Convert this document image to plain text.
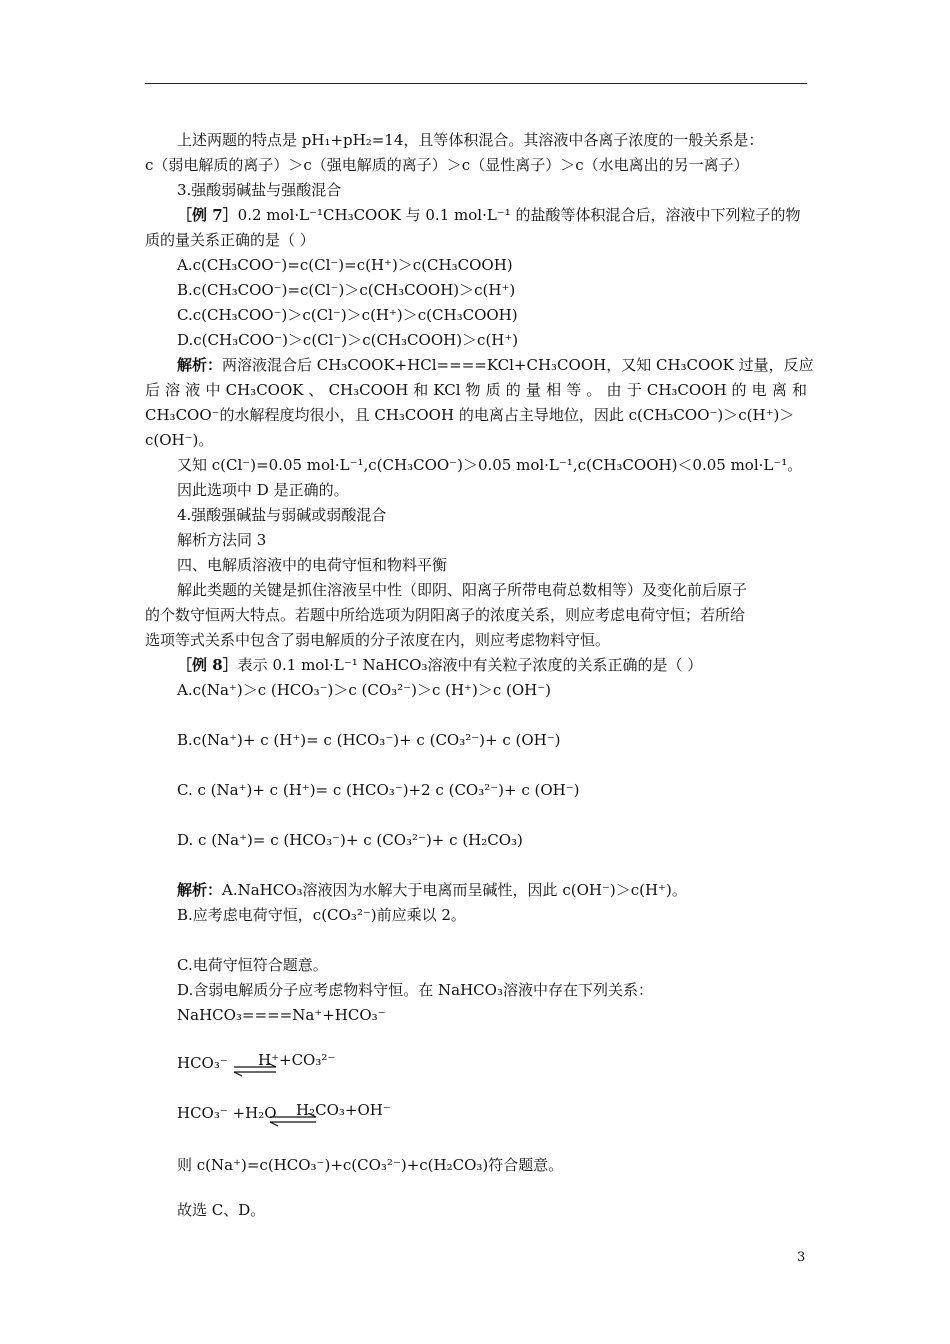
上述两题的特点是 pH₁+pH₂=14，且等体积混合。其溶液中各离子浓度的一般关系是：
c（弱电解质的离子）＞c（强电解质的离子）＞c（显性离子）＞c（水电离出的另一离子）
3.强酸弱碱盐与强酸混合
［例 7］0.2 mol·L⁻¹CH₃COOK 与 0.1 mol·L⁻¹ 的盐酸等体积混合后，溶液中下列粒子的物
质的量关系正确的是（ ）
A.c(CH₃COO⁻)=c(Cl⁻)=c(H⁺)＞c(CH₃COOH)
B.c(CH₃COO⁻)=c(Cl⁻)＞c(CH₃COOH)＞c(H⁺)
C.c(CH₃COO⁻)＞c(Cl⁻)＞c(H⁺)＞c(CH₃COOH)
D.c(CH₃COO⁻)＞c(Cl⁻)＞c(CH₃COOH)＞c(H⁺)
解析：两溶液混合后 CH₃COOK+HCl====KCl+CH₃COOH，又知 CH₃COOK 过量，反应
后 溶 液 中 CH₃COOK 、 CH₃COOH 和 KCl 物 质 的 量 相 等 。 由 于 CH₃COOH 的 电 离 和
CH₃COO⁻的水解程度均很小，且 CH₃COOH 的电离占主导地位，因此 c(CH₃COO⁻)＞c(H⁺)＞
c(OH⁻)。
又知 c(Cl⁻)=0.05 mol·L⁻¹,c(CH₃COO⁻)＞0.05 mol·L⁻¹,c(CH₃COOH)＜0.05 mol·L⁻¹。
因此选项中 D 是正确的。
4.强酸强碱盐与弱碱或弱酸混合
解析方法同 3
四、电解质溶液中的电荷守恒和物料平衡
解此类题的关键是抓住溶液呈中性（即阴、阳离子所带电荷总数相等）及变化前后原子
的个数守恒两大特点。若题中所给选项为阴阳离子的浓度关系，则应考虑电荷守恒；若所给
选项等式关系中包含了弱电解质的分子浓度在内，则应考虑物料守恒。
［例 8］表示 0.1 mol·L⁻¹ NaHCO₃溶液中有关粒子浓度的关系正确的是（ ）
A.c(Na⁺)＞c (HCO₃⁻)＞c (CO₃²⁻)＞c (H⁺)＞c (OH⁻)
B.c(Na⁺)+ c (H⁺)= c (HCO₃⁻)+ c (CO₃²⁻)+ c (OH⁻)
C. c (Na⁺)+ c (H⁺)= c (HCO₃⁻)+2 c (CO₃²⁻)+ c (OH⁻)
D. c (Na⁺)= c (HCO₃⁻)+ c (CO₃²⁻)+ c (H₂CO₃)
解析：A.NaHCO₃溶液因为水解大于电离而呈碱性，因此 c(OH⁻)＞c(H⁺)。
B.应考虑电荷守恒，c(CO₃²⁻)前应乘以 2。
C.电荷守恒符合题意。
D.含弱电解质分子应考虑物料守恒。在 NaHCO₃溶液中存在下列关系：
NaHCO₃====Na⁺+HCO₃⁻
则 c(Na⁺)=c(HCO₃⁻)+c(CO₃²⁻)+c(H₂CO₃)符合题意。
故选 C、D。
HCO₃⁻ ⇌
H⁺+CO₃²⁻
HCO₃⁻ +H₂O H₂CO₃+OH⁻
3
